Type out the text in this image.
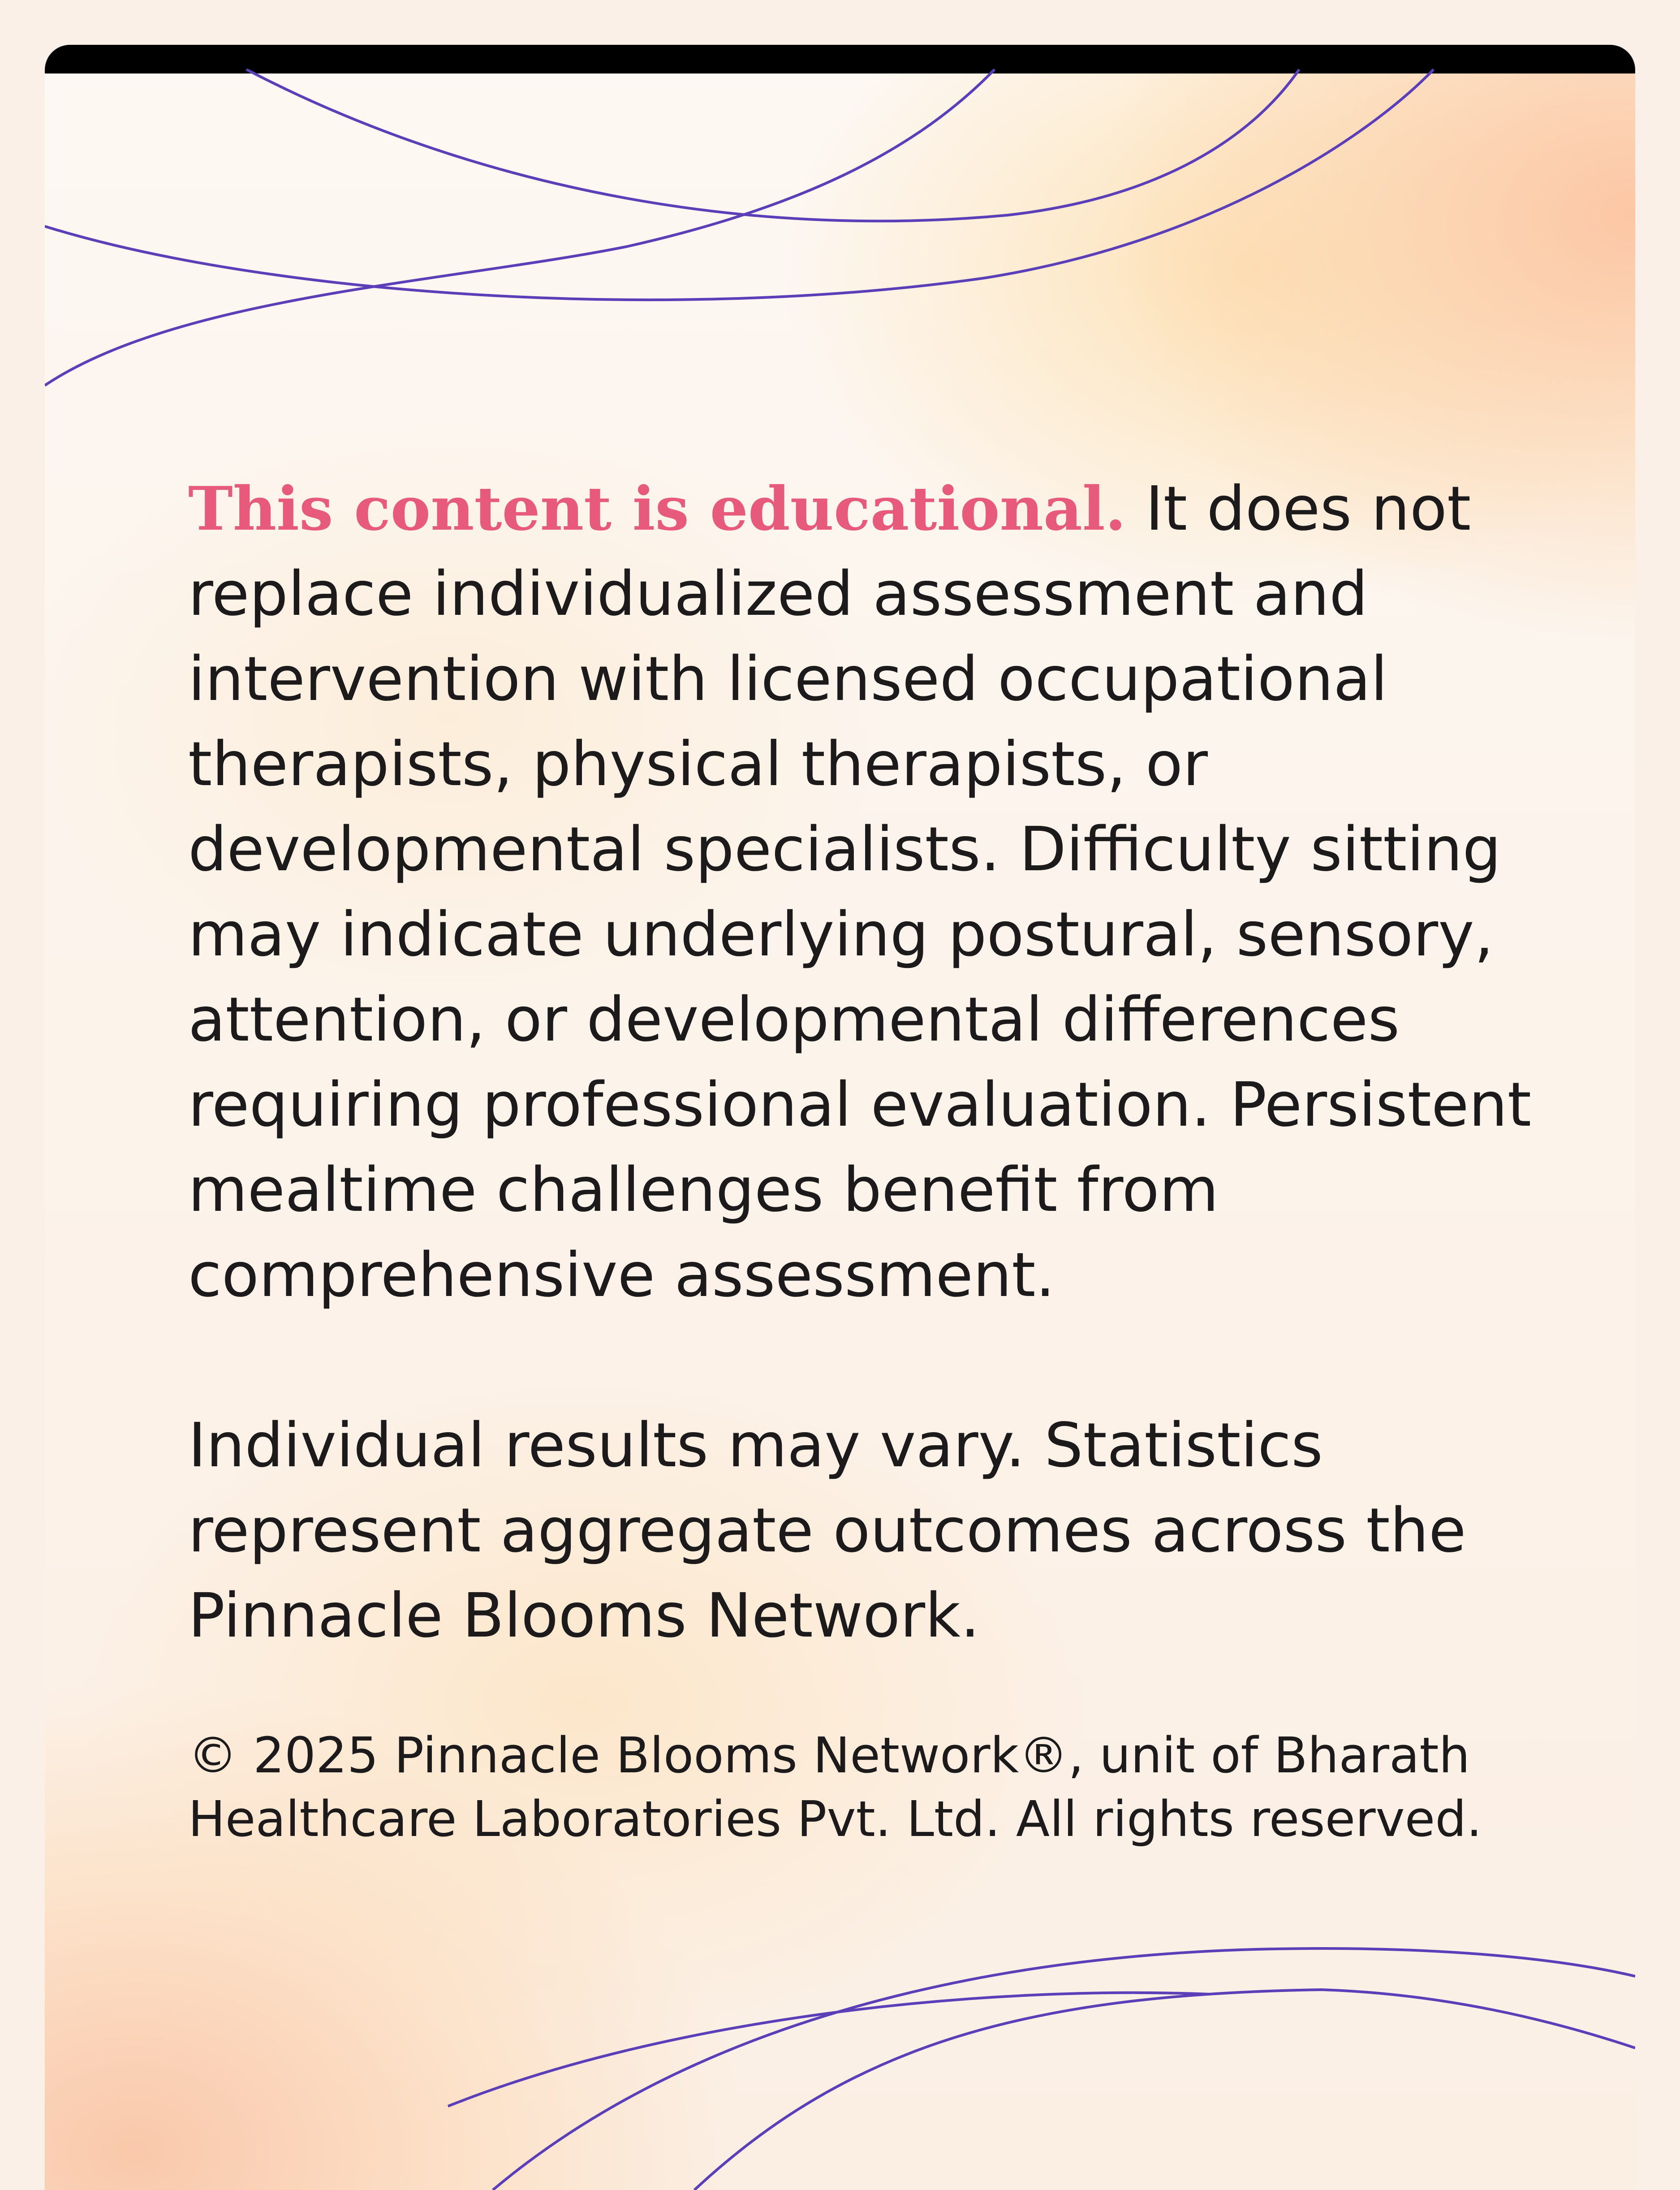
This content is educational. It does not replace individualized assessment and intervention with licensed occupational therapists, physical therapists, or developmental specialists. Difficulty sitting may indicate underlying postural, sensory, attention, or developmental differences requiring professional evaluation. Persistent mealtime challenges benefit from comprehensive assessment.

Individual results may vary. Statistics represent aggregate outcomes across the Pinnacle Blooms Network.

© 2025 Pinnacle Blooms Network®, unit of Bharath Healthcare Laboratories Pvt. Ltd. All rights reserved.
